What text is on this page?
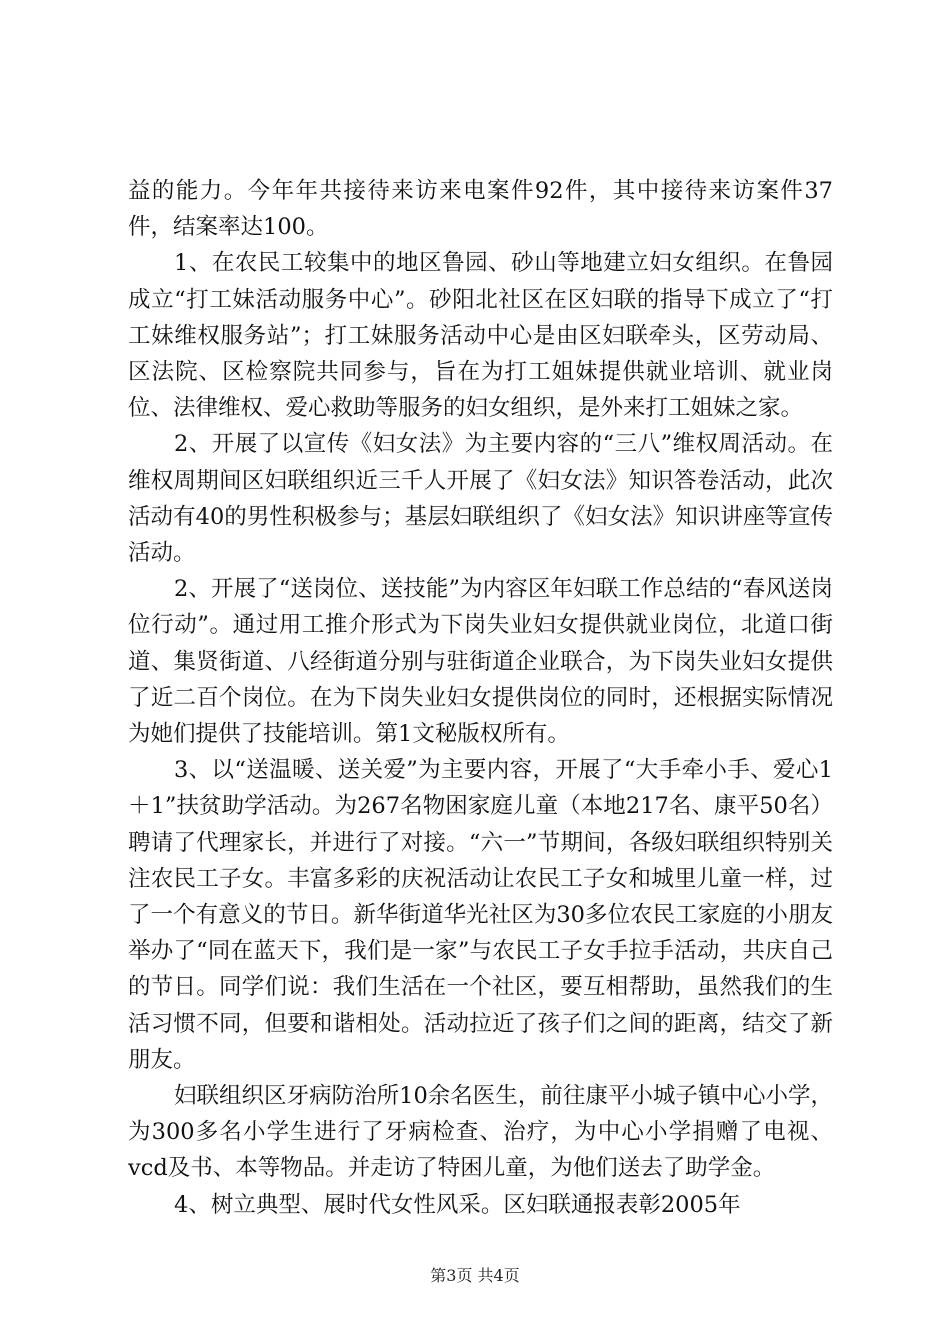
益的能力。今年年共接待来访来电案件92件，其中接待来访案件37件，结案率达100。

1、在农民工较集中的地区鲁园、砂山等地建立妇女组织。在鲁园成立“打工妹活动服务中心”。砂阳北社区在区妇联的指导下成立了“打工妹维权服务站”；打工妹服务活动中心是由区妇联牵头，区劳动局、区法院、区检察院共同参与，旨在为打工姐妹提供就业培训、就业岗位、法律维权、爱心救助等服务的妇女组织，是外来打工姐妹之家。

2、开展了以宣传《妇女法》为主要内容的“三八”维权周活动。在维权周期间区妇联组织近三千人开展了《妇女法》知识答卷活动，此次活动有40的男性积极参与；基层妇联组织了《妇女法》知识讲座等宣传活动。

2、开展了“送岗位、送技能”为内容区年妇联工作总结的“春风送岗位行动”。通过用工推介形式为下岗失业妇女提供就业岗位，北道口街道、集贤街道、八经街道分别与驻街道企业联合，为下岗失业妇女提供了近二百个岗位。在为下岗失业妇女提供岗位的同时，还根据实际情况为她们提供了技能培训。第1文秘版权所有。

3、以“送温暖、送关爱”为主要内容，开展了“大手牵小手、爱心1＋1”扶贫助学活动。为267名物困家庭儿童（本地217名、康平50名）聘请了代理家长，并进行了对接。“六一”节期间，各级妇联组织特别关注农民工子女。丰富多彩的庆祝活动让农民工子女和城里儿童一样，过了一个有意义的节日。新华街道华光社区为30多位农民工家庭的小朋友举办了“同在蓝天下，我们是一家”与农民工子女手拉手活动，共庆自己的节日。同学们说：我们生活在一个社区，要互相帮助，虽然我们的生活习惯不同，但要和谐相处。活动拉近了孩子们之间的距离，结交了新朋友。

妇联组织区牙病防治所10余名医生，前往康平小城子镇中心小学，为300多名小学生进行了牙病检查、治疗，为中心小学捐赠了电视、vcd及书、本等物品。并走访了特困儿童，为他们送去了助学金。

4、树立典型、展时代女性风采。区妇联通报表彰2005年

第3页 共4页
